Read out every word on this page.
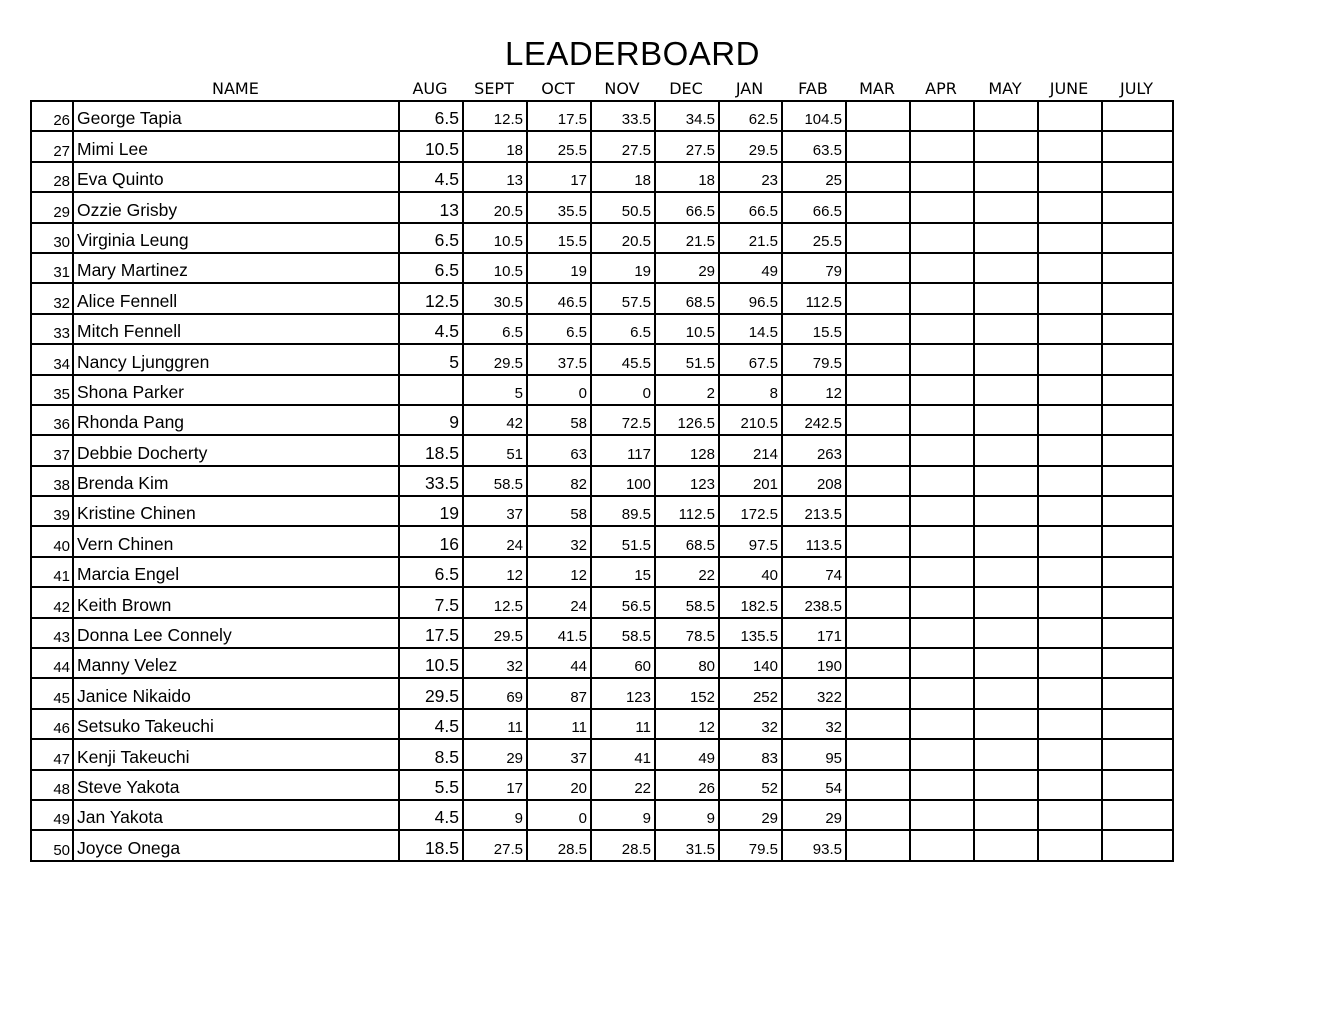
LEADERBOARD
NAME	AUG	SEPT	OCT	NOV	DEC	JAN	FAB	MAR	APR	MAY	JUNE	JULY
26	George Tapia	6.5	12.5	17.5	33.5	34.5	62.5	104.5					
27	Mimi Lee	10.5	18	25.5	27.5	27.5	29.5	63.5					
28	Eva Quinto	4.5	13	17	18	18	23	25					
29	Ozzie Grisby	13	20.5	35.5	50.5	66.5	66.5	66.5					
30	Virginia Leung	6.5	10.5	15.5	20.5	21.5	21.5	25.5					
31	Mary Martinez	6.5	10.5	19	19	29	49	79					
32	Alice Fennell	12.5	30.5	46.5	57.5	68.5	96.5	112.5					
33	Mitch Fennell	4.5	6.5	6.5	6.5	10.5	14.5	15.5					
34	Nancy Ljunggren	5	29.5	37.5	45.5	51.5	67.5	79.5					
35	Shona Parker		5	0	0	2	8	12					
36	Rhonda Pang	9	42	58	72.5	126.5	210.5	242.5					
37	Debbie Docherty	18.5	51	63	117	128	214	263					
38	Brenda Kim	33.5	58.5	82	100	123	201	208					
39	Kristine Chinen	19	37	58	89.5	112.5	172.5	213.5					
40	Vern Chinen	16	24	32	51.5	68.5	97.5	113.5					
41	Marcia Engel	6.5	12	12	15	22	40	74					
42	Keith Brown	7.5	12.5	24	56.5	58.5	182.5	238.5					
43	Donna Lee Connely	17.5	29.5	41.5	58.5	78.5	135.5	171					
44	Manny Velez	10.5	32	44	60	80	140	190					
45	Janice Nikaido	29.5	69	87	123	152	252	322					
46	Setsuko Takeuchi	4.5	11	11	11	12	32	32					
47	Kenji Takeuchi	8.5	29	37	41	49	83	95					
48	Steve Yakota	5.5	17	20	22	26	52	54					
49	Jan Yakota	4.5	9	0	9	9	29	29					
50	Joyce Onega	18.5	27.5	28.5	28.5	31.5	79.5	93.5					
